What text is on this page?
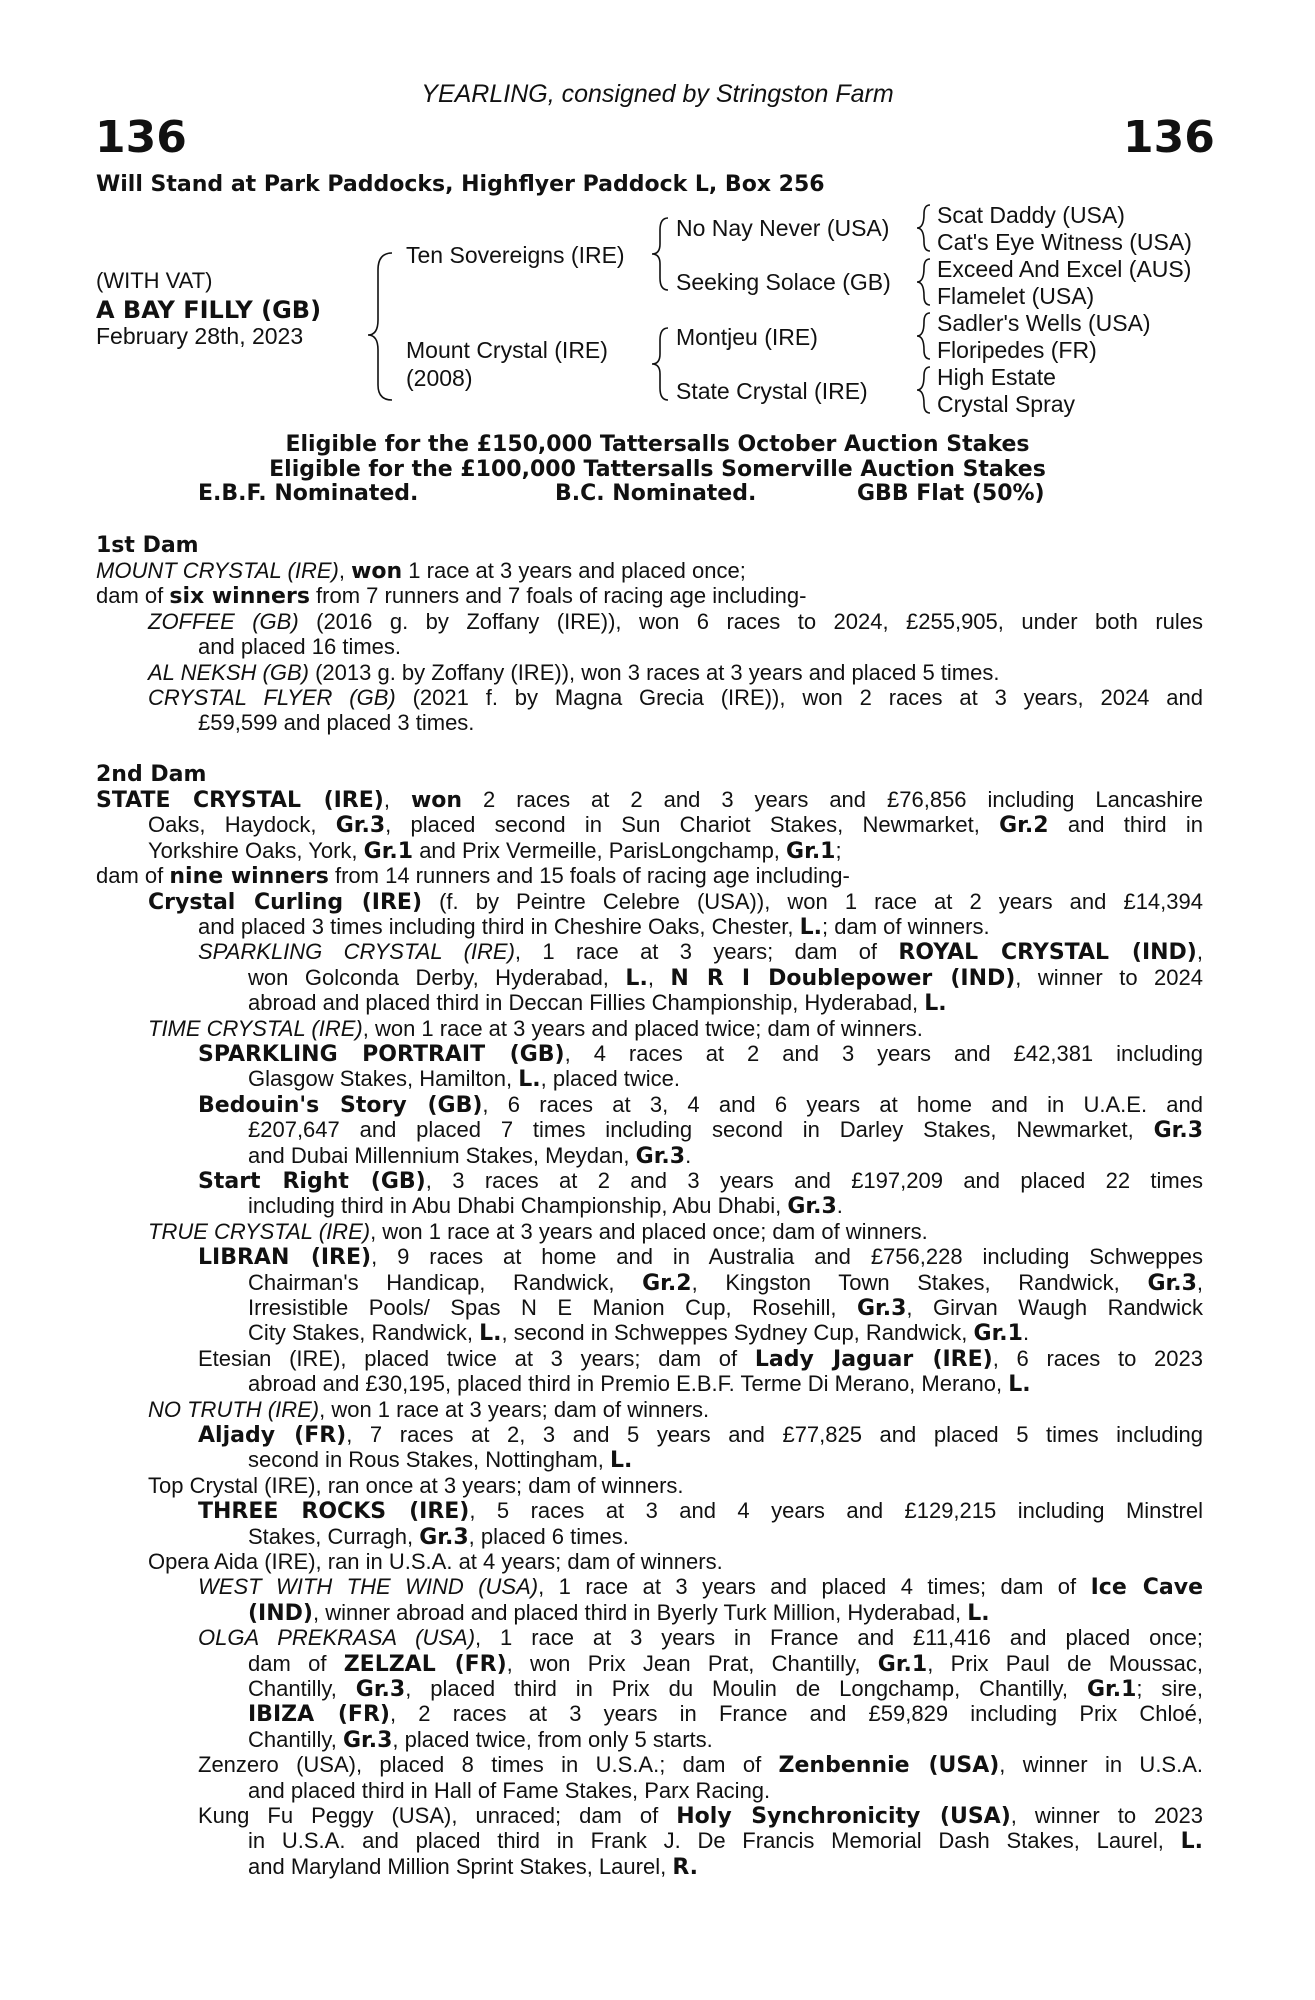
YEARLING, consigned by Stringston Farm
136	136
Will Stand at Park Paddocks, Highflyer Paddock L, Box 256
(WITH VAT)
A BAY FILLY (GB)
February 28th, 2023
Ten Sovereigns (IRE)
Mount Crystal (IRE)
(2008)
No Nay Never (USA)
Seeking Solace (GB)
Montjeu (IRE)
State Crystal (IRE)
Scat Daddy (USA)
Cat's Eye Witness (USA)
Exceed And Excel (AUS)
Flamelet (USA)
Sadler's Wells (USA)
Floripedes (FR)
High Estate
Crystal Spray
Eligible for the £150,000 Tattersalls October Auction Stakes
Eligible for the £100,000 Tattersalls Somerville Auction Stakes
E.B.F. Nominated.	B.C. Nominated.	GBB Flat (50%)
1st Dam
MOUNT CRYSTAL (IRE), won 1 race at 3 years and placed once;
dam of six winners from 7 runners and 7 foals of racing age including-
ZOFFEE (GB) (2016 g. by Zoffany (IRE)), won 6 races to 2024, £255,905, under both rules
and placed 16 times.
AL NEKSH (GB) (2013 g. by Zoffany (IRE)), won 3 races at 3 years and placed 5 times.
CRYSTAL FLYER (GB) (2021 f. by Magna Grecia (IRE)), won 2 races at 3 years, 2024 and
£59,599 and placed 3 times.
2nd Dam
STATE CRYSTAL (IRE), won 2 races at 2 and 3 years and £76,856 including Lancashire
Oaks, Haydock, Gr.3, placed second in Sun Chariot Stakes, Newmarket, Gr.2 and third in
Yorkshire Oaks, York, Gr.1 and Prix Vermeille, ParisLongchamp, Gr.1;
dam of nine winners from 14 runners and 15 foals of racing age including-
Crystal Curling (IRE) (f. by Peintre Celebre (USA)), won 1 race at 2 years and £14,394
and placed 3 times including third in Cheshire Oaks, Chester, L.; dam of winners.
SPARKLING CRYSTAL (IRE), 1 race at 3 years; dam of ROYAL CRYSTAL (IND),
won Golconda Derby, Hyderabad, L., N R I Doublepower (IND), winner to 2024
abroad and placed third in Deccan Fillies Championship, Hyderabad, L.
TIME CRYSTAL (IRE), won 1 race at 3 years and placed twice; dam of winners.
SPARKLING PORTRAIT (GB), 4 races at 2 and 3 years and £42,381 including
Glasgow Stakes, Hamilton, L., placed twice.
Bedouin's Story (GB), 6 races at 3, 4 and 6 years at home and in U.A.E. and
£207,647 and placed 7 times including second in Darley Stakes, Newmarket, Gr.3
and Dubai Millennium Stakes, Meydan, Gr.3.
Start Right (GB), 3 races at 2 and 3 years and £197,209 and placed 22 times
including third in Abu Dhabi Championship, Abu Dhabi, Gr.3.
TRUE CRYSTAL (IRE), won 1 race at 3 years and placed once; dam of winners.
LIBRAN (IRE), 9 races at home and in Australia and £756,228 including Schweppes
Chairman's Handicap, Randwick, Gr.2, Kingston Town Stakes, Randwick, Gr.3,
Irresistible Pools/ Spas N E Manion Cup, Rosehill, Gr.3, Girvan Waugh Randwick
City Stakes, Randwick, L., second in Schweppes Sydney Cup, Randwick, Gr.1.
Etesian (IRE), placed twice at 3 years; dam of Lady Jaguar (IRE), 6 races to 2023
abroad and £30,195, placed third in Premio E.B.F. Terme Di Merano, Merano, L.
NO TRUTH (IRE), won 1 race at 3 years; dam of winners.
Aljady (FR), 7 races at 2, 3 and 5 years and £77,825 and placed 5 times including
second in Rous Stakes, Nottingham, L.
Top Crystal (IRE), ran once at 3 years; dam of winners.
THREE ROCKS (IRE), 5 races at 3 and 4 years and £129,215 including Minstrel
Stakes, Curragh, Gr.3, placed 6 times.
Opera Aida (IRE), ran in U.S.A. at 4 years; dam of winners.
WEST WITH THE WIND (USA), 1 race at 3 years and placed 4 times; dam of Ice Cave
(IND), winner abroad and placed third in Byerly Turk Million, Hyderabad, L.
OLGA PREKRASA (USA), 1 race at 3 years in France and £11,416 and placed once;
dam of ZELZAL (FR), won Prix Jean Prat, Chantilly, Gr.1, Prix Paul de Moussac,
Chantilly, Gr.3, placed third in Prix du Moulin de Longchamp, Chantilly, Gr.1; sire,
IBIZA (FR), 2 races at 3 years in France and £59,829 including Prix Chloé,
Chantilly, Gr.3, placed twice, from only 5 starts.
Zenzero (USA), placed 8 times in U.S.A.; dam of Zenbennie (USA), winner in U.S.A.
and placed third in Hall of Fame Stakes, Parx Racing.
Kung Fu Peggy (USA), unraced; dam of Holy Synchronicity (USA), winner to 2023
in U.S.A. and placed third in Frank J. De Francis Memorial Dash Stakes, Laurel, L.
and Maryland Million Sprint Stakes, Laurel, R.
